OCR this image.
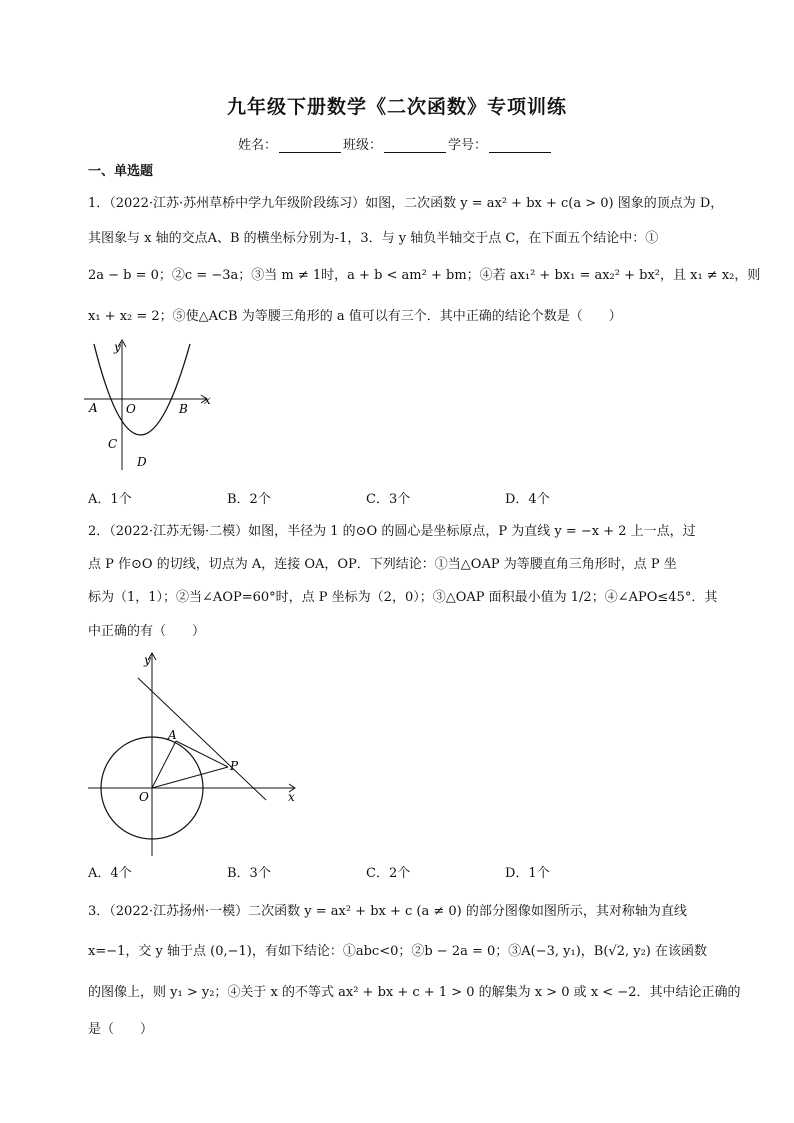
九年级下册数学《二次函数》专项训练
姓名：	班级：	学号：
一、单选题
1．（2022·江苏·苏州草桥中学九年级阶段练习）如图，二次函数 y = ax² + bx + c(a > 0) 图象的顶点为 D，
其图象与 x 轴的交点A、B 的横坐标分别为-1，3．与 y 轴负半轴交于点 C，在下面五个结论中：①
2a − b = 0；②c = −3a；③当 m ≠ 1时，a + b < am² + bm；④若 ax₁² + bx₁ = ax₂² + bx²，且 x₁ ≠ x₂，则
x₁ + x₂ = 2；⑤使△ACB 为等腰三角形的 a 值可以有三个．其中正确的结论个数是（　　）
y
x
A O	B
C
D
A．1个	B．2个	C．3个	D．4个
2．（2022·江苏无锡·二模）如图，半径为 1 的⊙O 的圆心是坐标原点，P 为直线 y = −x + 2 上一点，过
点 P 作⊙O 的切线，切点为 A，连接 OA，OP．下列结论：①当△OAP 为等腰直角三角形时，点 P 坐
标为（1，1）；②当∠AOP=60°时，点 P 坐标为（2，0）；③△OAP 面积最小值为 1/2；④∠APO≤45°．其
中正确的有（　　）
y
x
A
P
O
A．4个	B．3个	C．2个	D．1个
3．（2022·江苏扬州·一模）二次函数 y = ax² + bx + c (a ≠ 0) 的部分图像如图所示，其对称轴为直线
x=−1，交 y 轴于点 (0,−1)，有如下结论：①abc<0；②b − 2a = 0；③A(−3, y₁)，B(√2, y₂) 在该函数
的图像上，则 y₁ > y₂；④关于 x 的不等式 ax² + bx + c + 1 > 0 的解集为 x > 0 或 x < −2．其中结论正确的
是（　　）
